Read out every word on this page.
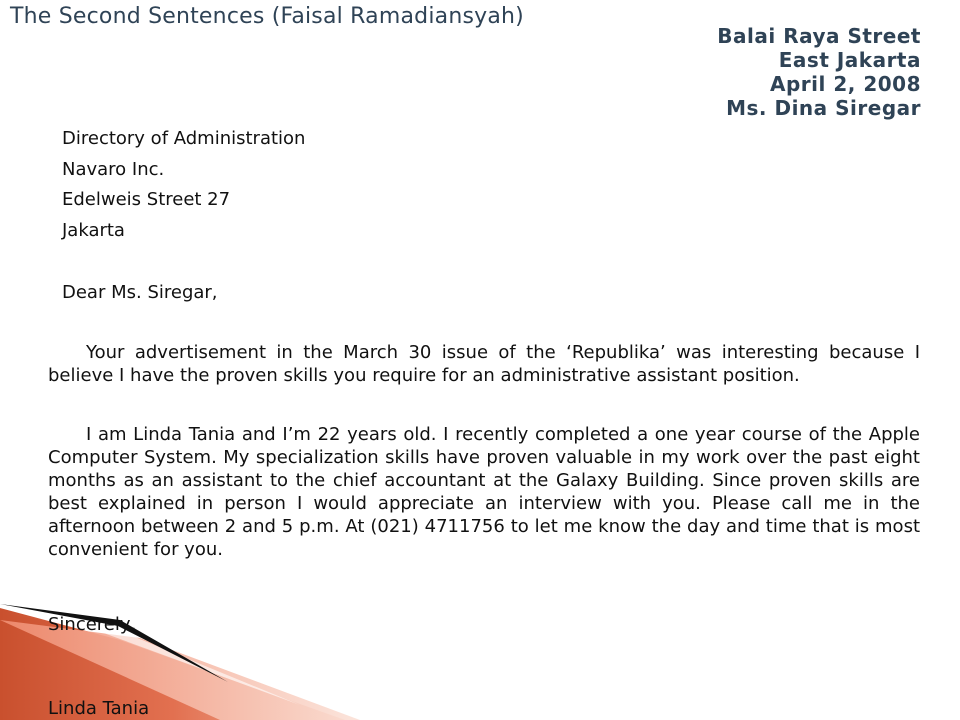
The Second Sentences (Faisal Ramadiansyah)
Balai Raya Street
East Jakarta
April 2, 2008
Ms. Dina Siregar
Directory of Administration
Navaro Inc.
Edelweis Street 27
Jakarta
Dear Ms. Siregar,

Your advertisement in the March 30 issue of the ‘Republika’ was interesting because I believe I have the proven skills you require for an administrative assistant position.

I am Linda Tania and I’m 22 years old. I recently completed a one year course of the Apple Computer System. My specialization skills have proven valuable in my work over the past eight months as an assistant to the chief accountant at the Galaxy Building. Since proven skills are best explained in person I would appreciate an interview with you. Please call me in the afternoon between 2 and 5 p.m. At (021) 4711756 to let me know the day and time that is most convenient for you.

Sincerely,
Linda Tania
